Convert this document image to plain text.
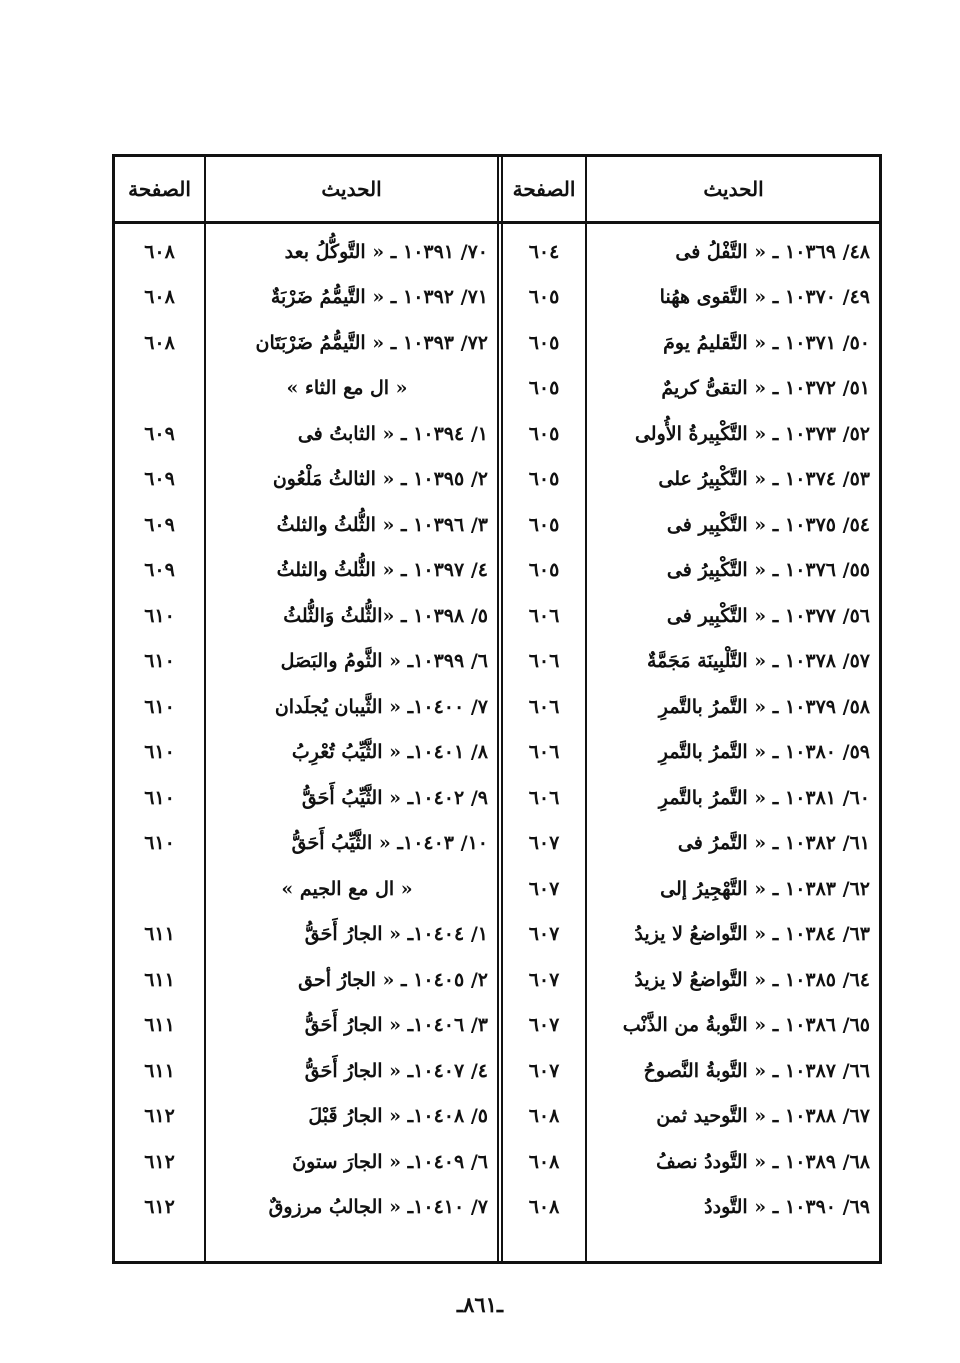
الحديث
الصفحة
الحديث
الصفحة
٤٨/ ١٠٣٦٩ ـ « التَّفْلُ فى
٤٩/ ١٠٣٧٠ ـ « التَّقوى ههُنا
٥٠/ ١٠٣٧١ ـ « التَّقليمُ يومَ
٥١/ ١٠٣٧٢ ـ « التقىُّ كريمٌ
٥٢/ ١٠٣٧٣ ـ « التَّكْبِيرةُ الأُولى
٥٣/ ١٠٣٧٤ ـ « التَّكْبِيرُ على
٥٤/ ١٠٣٧٥ ـ « التَّكْبِير فى
٥٥/ ١٠٣٧٦ ـ « التَّكْبِيرُ فى
٥٦/ ١٠٣٧٧ ـ « التَّكْبِير فى
٥٧/ ١٠٣٧٨ ـ « التَّلْبِينَة مَجَمَّةٌ
٥٨/ ١٠٣٧٩ ـ « التَّمرُ بالتَّمرِ
٥٩/ ١٠٣٨٠ ـ « التَّمرُ بالتَّمرِ
٦٠/ ١٠٣٨١ ـ « التَّمرُ بالتَّمرِ
٦١/ ١٠٣٨٢ ـ « التَّمرُ فى
٦٢/ ١٠٣٨٣ ـ « التَّهْجِيرُ إلى
٦٣/ ١٠٣٨٤ ـ « التَّواضعُ لا يزيدُ
٦٤/ ١٠٣٨٥ ـ « التَّواضعُ لا يزيدُ
٦٥/ ١٠٣٨٦ ـ « التَّوبةُ من الذَّنْب
٦٦/ ١٠٣٨٧ ـ « التَّوبةُ النَّصوحُ
٦٧/ ١٠٣٨٨ ـ « التَّوحيد ثمن
٦٨/ ١٠٣٨٩ ـ « التَّوددُ نصفُ
٦٩/ ١٠٣٩٠ ـ « التَّوددُ
٦٠٤
٦٠٥
٦٠٥
٦٠٥
٦٠٥
٦٠٥
٦٠٥
٦٠٥
٦٠٦
٦٠٦
٦٠٦
٦٠٦
٦٠٦
٦٠٧
٦٠٧
٦٠٧
٦٠٧
٦٠٧
٦٠٧
٦٠٨
٦٠٨
٦٠٨
٧٠/ ١٠٣٩١ ـ « التَّوكُّلُ بعد
٧١/ ١٠٣٩٢ ـ « التَّيمُّمُ ضَرْبَةٌ
٧٢/ ١٠٣٩٣ ـ « التَّيمُّمُ ضَرْبَتَان
« ال مع الثاء »
١/ ١٠٣٩٤ ـ « الثابتُ فى
٢/ ١٠٣٩٥ ـ « الثالثُ مَلْعُون
٣/ ١٠٣٩٦ ـ « الثُّلثُ والثلثُ
٤/ ١٠٣٩٧ ـ « الثُّلثُ والثلثُ
٥/ ١٠٣٩٨ ـ «الثُّلثُ وَالثُّلثُ
٦/ ١٠٣٩٩ـ « الثَّومُ والبَصَل
٧/ ١٠٤٠٠ـ « الثَّيبان يُجلَدان
٨/ ١٠٤٠١ـ « الثَّيِّبُ تُعْرِبُ
٩/ ١٠٤٠٢ـ « الثَّيِّبُ أَحَقُّ
١٠/ ١٠٤٠٣ـ « الثَّيِّبُ أَحَقُّ
« ال مع الجيم »
١/ ١٠٤٠٤ـ « الجارُ أَحَقُّ
٢/ ١٠٤٠٥ ـ « الجارُ أحق
٣/ ١٠٤٠٦ـ « الجارُ أَحَقُّ
٤/ ١٠٤٠٧ـ « الجارُ أَحَقُّ
٥/ ١٠٤٠٨ـ « الجارُ قَبْلَ
٦/ ١٠٤٠٩ـ « الجارَ ستونَ
٧/ ١٠٤١٠ـ « الجالبُ مرزوقٌ
٦٠٨
٦٠٨
٦٠٨
٦٠٩
٦٠٩
٦٠٩
٦٠٩
٦١٠
٦١٠
٦١٠
٦١٠
٦١٠
٦١٠
٦١١
٦١١
٦١١
٦١١
٦١٢
٦١٢
٦١٢
ـ٨٦١ـ
